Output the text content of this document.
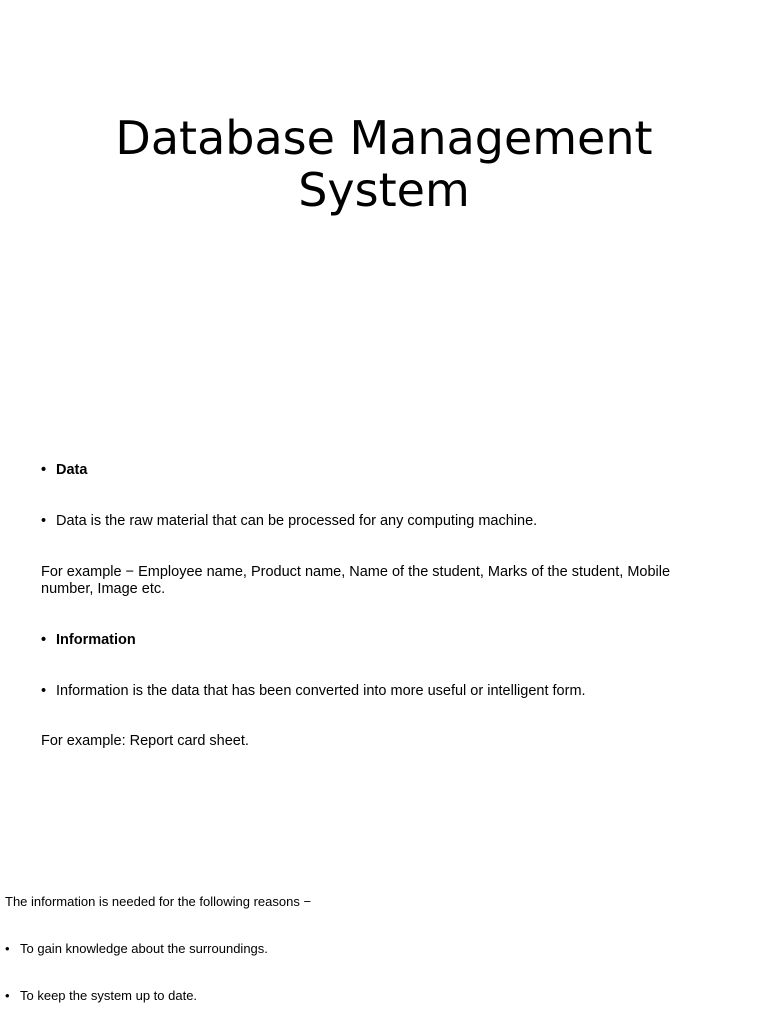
Database Management
System
• Data
• Data is the raw material that can be processed for any computing machine.
For example − Employee name, Product name, Name of the student, Marks of the student, Mobile number, Image etc.
• Information
• Information is the data that has been converted into more useful or intelligent form.
For example: Report card sheet.
The information is needed for the following reasons −
• To gain knowledge about the surroundings.
• To keep the system up to date.
